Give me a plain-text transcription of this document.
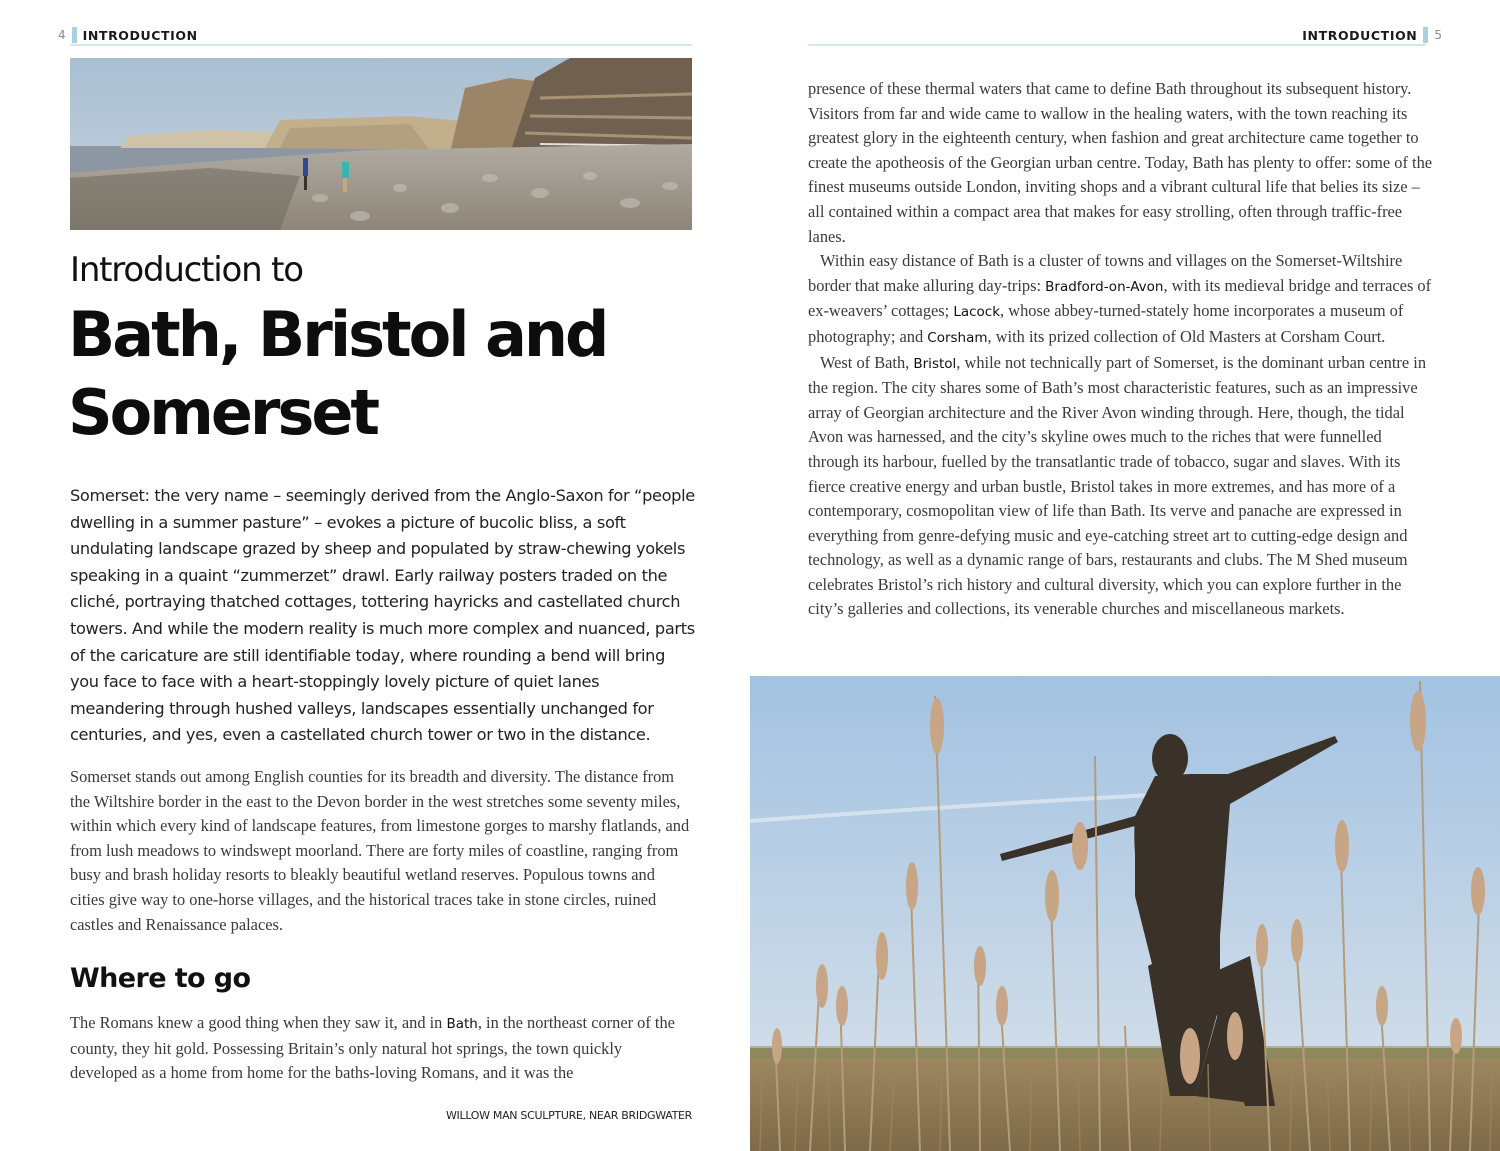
4 INTRODUCTION
Introduction to
Bath, Bristol and
Somerset

Somerset: the very name – seemingly derived from the Anglo-Saxon for “people dwelling in a summer pasture” – evokes a picture of bucolic bliss, a soft undulating landscape grazed by sheep and populated by straw-chewing yokels speaking in a quaint “zummerzet” drawl. Early railway posters traded on the cliché, portraying thatched cottages, tottering hayricks and castellated church towers. And while the modern reality is much more complex and nuanced, parts of the caricature are still identifiable today, where rounding a bend will bring you face to face with a heart-stoppingly lovely picture of quiet lanes meandering through hushed valleys, landscapes essentially unchanged for centuries, and yes, even a castellated church tower or two in the distance.

Somerset stands out among English counties for its breadth and diversity. The distance from the Wiltshire border in the east to the Devon border in the west stretches some seventy miles, within which every kind of landscape features, from limestone gorges to marshy flatlands, and from lush meadows to windswept moorland. There are forty miles of coastline, ranging from busy and brash holiday resorts to bleakly beautiful wetland reserves. Populous towns and cities give way to one-horse villages, and the historical traces take in stone circles, ruined castles and Renaissance palaces.

Where to go

The Romans knew a good thing when they saw it, and in Bath, in the northeast corner of the county, they hit gold. Possessing Britain’s only natural hot springs, the town quickly developed as a home from home for the baths-loving Romans, and it was the

WILLOW MAN SCULPTURE, NEAR BRIDGWATER
INTRODUCTION 5

presence of these thermal waters that came to define Bath throughout its subsequent history. Visitors from far and wide came to wallow in the healing waters, with the town reaching its greatest glory in the eighteenth century, when fashion and great architecture came together to create the apotheosis of the Georgian urban centre. Today, Bath has plenty to offer: some of the finest museums outside London, inviting shops and a vibrant cultural life that belies its size – all contained within a compact area that makes for easy strolling, often through traffic-free lanes.

Within easy distance of Bath is a cluster of towns and villages on the Somerset-Wiltshire border that make alluring day-trips: Bradford-on-Avon, with its medieval bridge and terraces of ex-weavers’ cottages; Lacock, whose abbey-turned-stately home incorporates a museum of photography; and Corsham, with its prized collection of Old Masters at Corsham Court.

West of Bath, Bristol, while not technically part of Somerset, is the dominant urban centre in the region. The city shares some of Bath’s most characteristic features, such as an impressive array of Georgian architecture and the River Avon winding through. Here, though, the tidal Avon was harnessed, and the city’s skyline owes much to the riches that were funnelled through its harbour, fuelled by the transatlantic trade of tobacco, sugar and slaves. With its fierce creative energy and urban bustle, Bristol takes in more extremes, and has more of a contemporary, cosmopolitan view of life than Bath. Its verve and panache are expressed in everything from genre-defying music and eye-catching street art to cutting-edge design and technology, as well as a dynamic range of bars, restaurants and clubs. The M Shed museum celebrates Bristol’s rich history and cultural diversity, which you can explore further in the city’s galleries and collections, its venerable churches and miscellaneous markets.
